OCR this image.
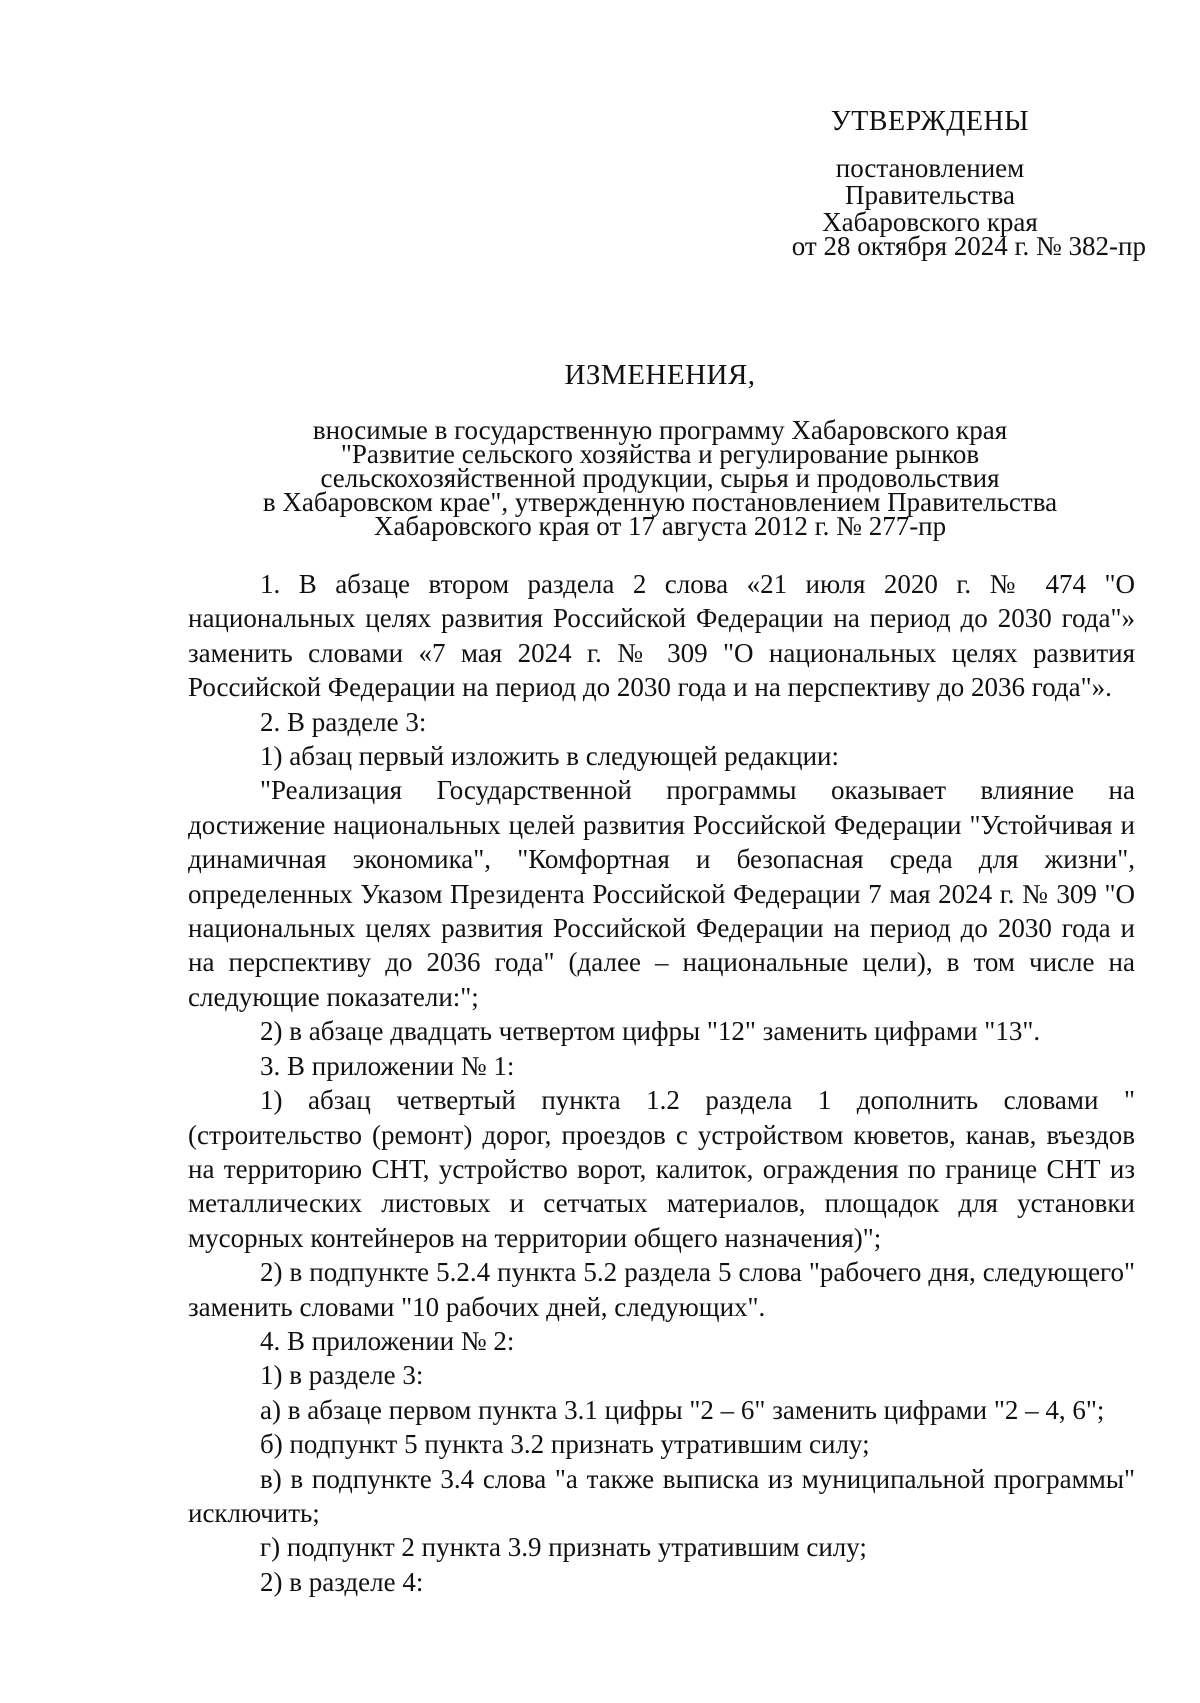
УТВЕРЖДЕНЫ
постановлением
Правительства
Хабаровского края
от 28 октября 2024 г. № 382-пр
ИЗМЕНЕНИЯ,
вносимые в государственную программу Хабаровского края
"Развитие сельского хозяйства и регулирование рынков
сельскохозяйственной продукции, сырья и продовольствия
в Хабаровском крае", утвержденную постановлением Правительства
Хабаровского края от 17 августа 2012 г. № 277-пр

1. В абзаце втором раздела 2 слова «21 июля 2020 г. № 474 "О национальных целях развития Российской Федерации на период до 2030 года"» заменить словами «7 мая 2024 г. № 309 "О национальных целях развития Российской Федерации на период до 2030 года и на перспективу до 2036 года"».

2. В разделе 3:

1) абзац первый изложить в следующей редакции:

"Реализация Государственной программы оказывает влияние на достижение национальных целей развития Российской Федерации "Устойчивая и динамичная экономика", "Комфортная и безопасная среда для жизни", определенных Указом Президента Российской Федерации 7 мая 2024 г. № 309 "О национальных целях развития Российской Федерации на период до 2030 года и на перспективу до 2036 года" (далее – национальные цели), в том числе на следующие показатели:";

2) в абзаце двадцать четвертом цифры "12" заменить цифрами "13".

3. В приложении № 1:

1) абзац четвертый пункта 1.2 раздела 1 дополнить словами "(строительство (ремонт) дорог, проездов с устройством кюветов, канав, въездов на территорию СНТ, устройство ворот, калиток, ограждения по границе СНТ из металлических листовых и сетчатых материалов, площадок для установки мусорных контейнеров на территории общего назначения)";

2) в подпункте 5.2.4 пункта 5.2 раздела 5 слова "рабочего дня, следующего" заменить словами "10 рабочих дней, следующих".

4. В приложении № 2:

1) в разделе 3:

а) в абзаце первом пункта 3.1 цифры "2 – 6" заменить цифрами "2 – 4, 6";

б) подпункт 5 пункта 3.2 признать утратившим силу;

в) в подпункте 3.4 слова "а также выписка из муниципальной программы" исключить;

г) подпункт 2 пункта 3.9 признать утратившим силу;

2) в разделе 4:
